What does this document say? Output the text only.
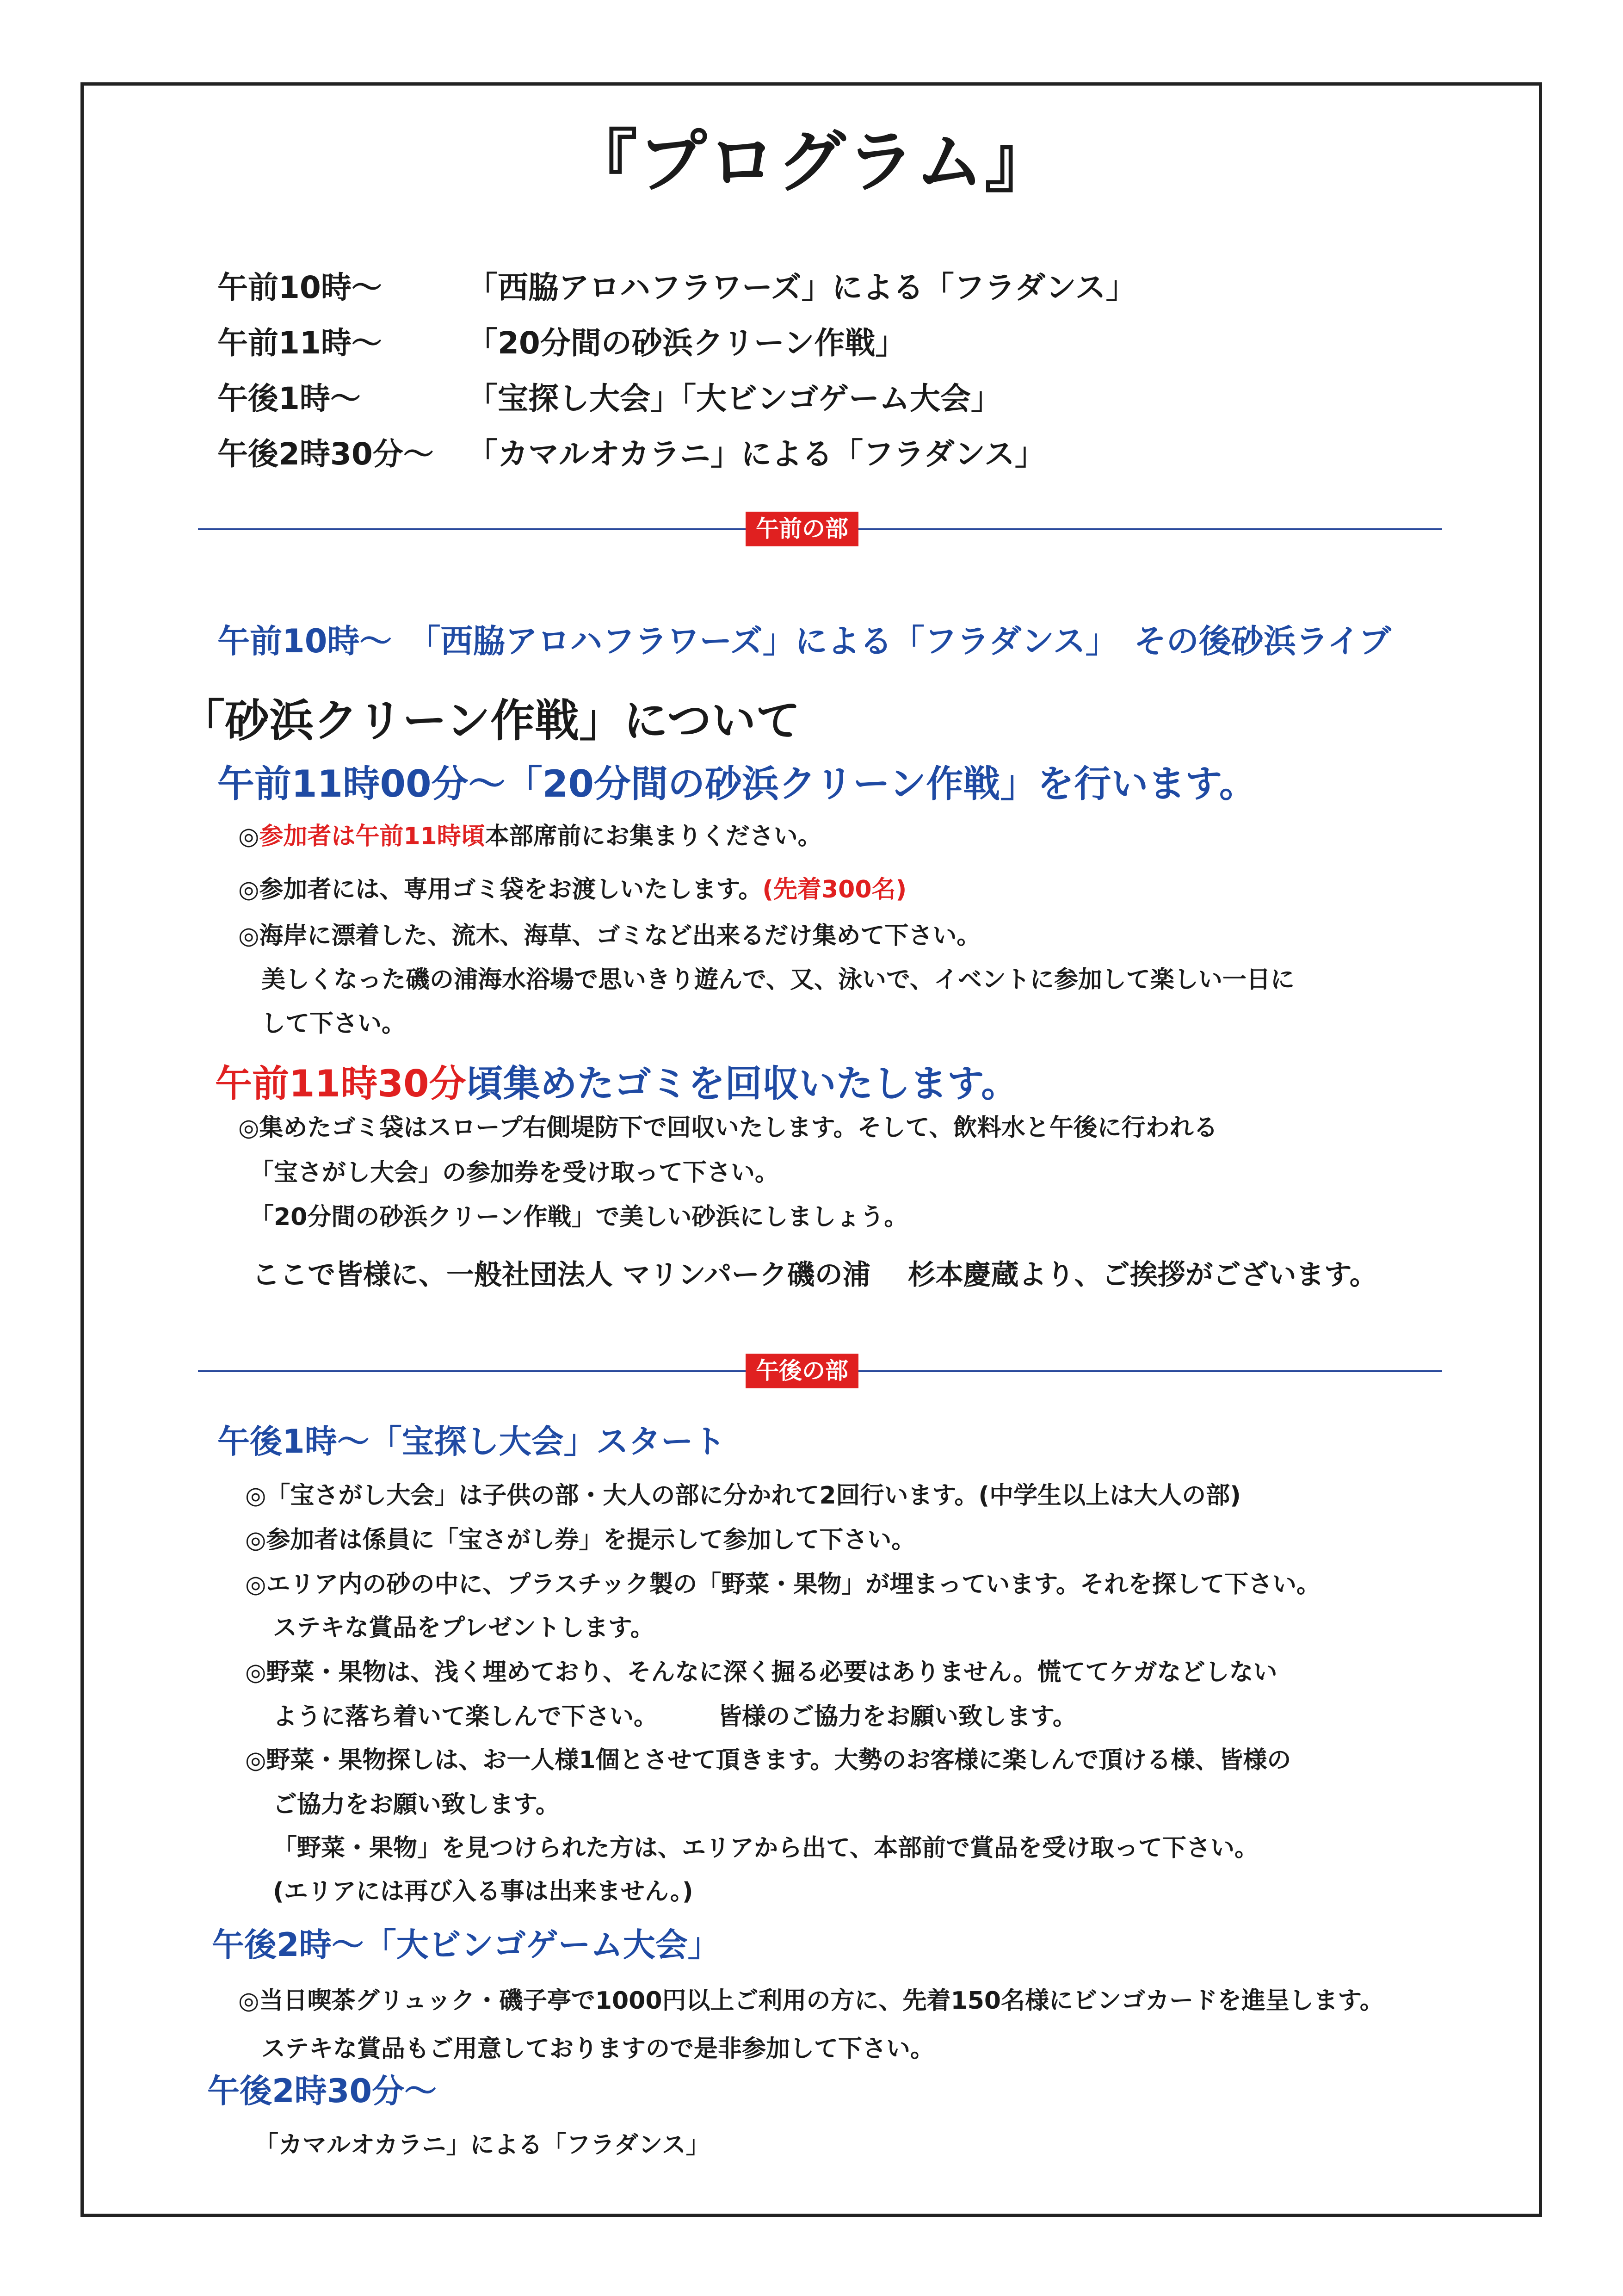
『プログラム』
午前10時～	「西脇アロハフラワーズ」による「フラダンス」
午前11時～	「20分間の砂浜クリーン作戦」
午後1時～	「宝探し大会」「大ビンゴゲーム大会」
午後2時30分～ 「カマルオカラニ」による「フラダンス」
午前の部
午前10時～　「西脇アロハフラワーズ」による「フラダンス」　その後砂浜ライブ
「砂浜クリーン作戦」について
午前11時00分～「20分間の砂浜クリーン作戦」を行います。
◎参加者は午前11時頃本部席前にお集まりください。
◎参加者には、専用ゴミ袋をお渡しいたします。(先着300名)
◎海岸に漂着した、流木、海草、ゴミなど出来るだけ集めて下さい。
美しくなった磯の浦海水浴場で思いきり遊んで、又、泳いで、イベントに参加して楽しい一日に
して下さい。
午前11時30分頃集めたゴミを回収いたします。
◎集めたゴミ袋はスロープ右側堤防下で回収いたします。そして、飲料水と午後に行われる
「宝さがし大会」の参加券を受け取って下さい。
「20分間の砂浜クリーン作戦」で美しい砂浜にしましょう。
ここで皆様に、一般社団法人 マリンパーク磯の浦　 杉本慶蔵より、ご挨拶がございます。
午後の部
午後1時～「宝探し大会」スタート
◎「宝さがし大会」は子供の部・大人の部に分かれて2回行います。(中学生以上は大人の部)
◎参加者は係員に「宝さがし券」を提示して参加して下さい。
◎エリア内の砂の中に、プラスチック製の「野菜・果物」が埋まっています。それを探して下さい。
ステキな賞品をプレゼントします。
◎野菜・果物は、浅く埋めており、そんなに深く掘る必要はありません。慌ててケガなどしない
ように落ち着いて楽しんで下さい。　　　皆様のご協力をお願い致します。
◎野菜・果物探しは、お一人様1個とさせて頂きます。大勢のお客様に楽しんで頂ける様、皆様の
ご協力をお願い致します。
「野菜・果物」を見つけられた方は、エリアから出て、本部前で賞品を受け取って下さい。
(エリアには再び入る事は出来ません。)
午後2時～「大ビンゴゲーム大会」
◎当日喫茶グリュック・磯子亭で1000円以上ご利用の方に、先着150名様にビンゴカードを進呈します。
ステキな賞品もご用意しておりますので是非参加して下さい。
午後2時30分～
「カマルオカラニ」による「フラダンス」
